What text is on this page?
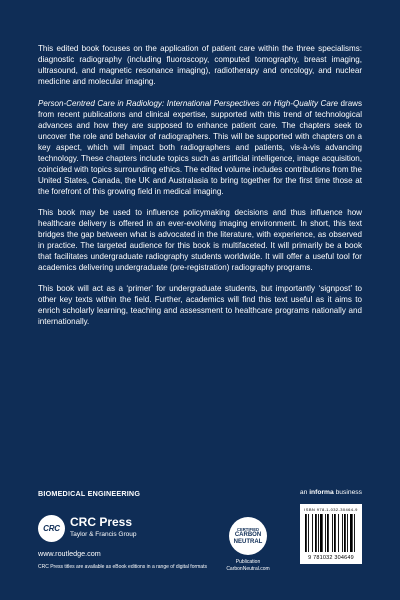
This edited book focuses on the application of patient care within the three specialisms: diagnostic radiography (including fluoroscopy, computed tomography, breast imaging, ultrasound, and magnetic resonance imaging), radiotherapy and oncology, and nuclear medicine and molecular imaging.

Person-Centred Care in Radiology: International Perspectives on High-Quality Care draws from recent publications and clinical expertise, supported with this trend of technological advances and how they are supposed to enhance patient care. The chapters seek to uncover the role and behavior of radiographers. This will be supported with chapters on a key aspect, which will impact both radiographers and patients, vis-à-vis advancing technology. These chapters include topics such as artificial intelligence, image acquisition, coincided with topics surrounding ethics. The edited volume includes contributions from the United States, Canada, the UK and Australasia to bring together for the first time those at the forefront of this growing field in medical imaging.

This book may be used to influence policymaking decisions and thus influence how healthcare delivery is offered in an ever-evolving imaging environment. In short, this text bridges the gap between what is advocated in the literature, with experience, as observed in practice. The targeted audience for this book is multifaceted. It will primarily be a book that facilitates undergraduate radiography students worldwide. It will offer a useful tool for academics delivering undergraduate (pre-registration) radiography programs.

This book will act as a ‘primer’ for undergraduate students, but importantly ‘signpost’ to other key texts within the field. Further, academics will find this text useful as it aims to enrich scholarly learning, teaching and assessment to healthcare programs nationally and internationally.

BIOMEDICAL ENGINEERING	an informa business
CRC CRC Press
Taylor & Francis Group
www.routledge.com
CRC Press titles are available as eBook editions in a range of digital formats
CERTIFIED
CARBON NEUTRAL
Publication
CarbonNeutral.com
ISBN 978-1-032-30464-9
9 781032 304649
